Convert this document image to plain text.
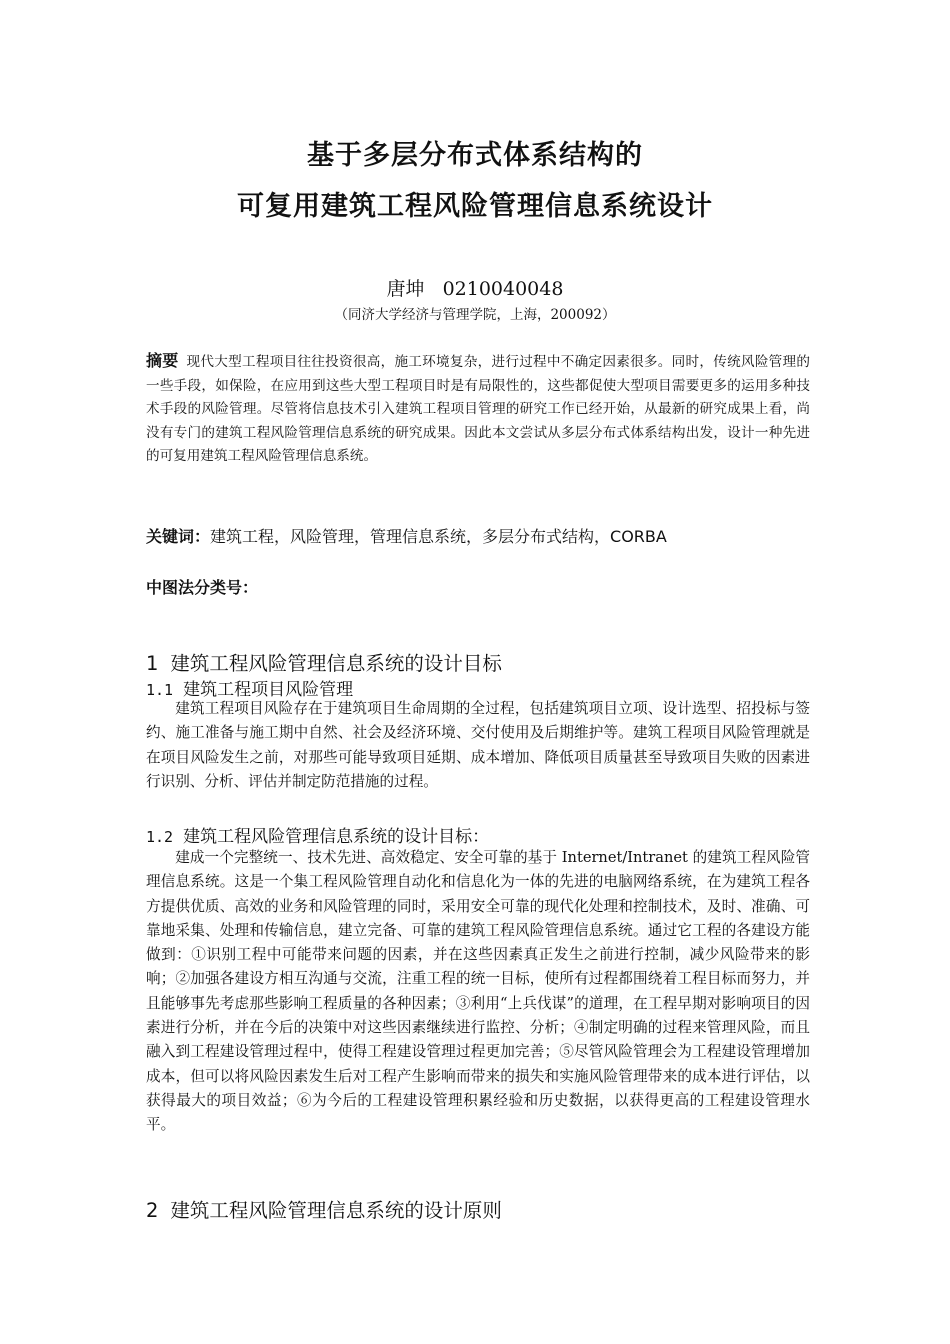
基于多层分布式体系结构的
可复用建筑工程风险管理信息系统设计
唐坤 0210040048
（同济大学经济与管理学院，上海，200092）
摘要 现代大型工程项目往往投资很高，施工环境复杂，进行过程中不确定因素很多。同时，传统风险管理的一些手段，如保险，在应用到这些大型工程项目时是有局限性的，这些都促使大型项目需要更多的运用多种技术手段的风险管理。尽管将信息技术引入建筑工程项目管理的研究工作已经开始，从最新的研究成果上看，尚没有专门的建筑工程风险管理信息系统的研究成果。因此本文尝试从多层分布式体系结构出发，设计一种先进的可复用建筑工程风险管理信息系统。
关键词：建筑工程，风险管理，管理信息系统，多层分布式结构，CORBA
中图法分类号：
1 建筑工程风险管理信息系统的设计目标
1.1 建筑工程项目风险管理
建筑工程项目风险存在于建筑项目生命周期的全过程，包括建筑项目立项、设计选型、招投标与签约、施工准备与施工期中自然、社会及经济环境、交付使用及后期维护等。建筑工程项目风险管理就是在项目风险发生之前，对那些可能导致项目延期、成本增加、降低项目质量甚至导致项目失败的因素进行识别、分析、评估并制定防范措施的过程。
1.2 建筑工程风险管理信息系统的设计目标：
建成一个完整统一、技术先进、高效稳定、安全可靠的基于 Internet/Intranet 的建筑工程风险管理信息系统。这是一个集工程风险管理自动化和信息化为一体的先进的电脑网络系统，在为建筑工程各方提供优质、高效的业务和风险管理的同时，采用安全可靠的现代化处理和控制技术，及时、准确、可靠地采集、处理和传输信息，建立完备、可靠的建筑工程风险管理信息系统。通过它工程的各建设方能做到：①识别工程中可能带来问题的因素，并在这些因素真正发生之前进行控制，减少风险带来的影响；②加强各建设方相互沟通与交流，注重工程的统一目标，使所有过程都围绕着工程目标而努力，并且能够事先考虑那些影响工程质量的各种因素；③利用“上兵伐谋”的道理，在工程早期对影响项目的因素进行分析，并在今后的决策中对这些因素继续进行监控、分析；④制定明确的过程来管理风险，而且融入到工程建设管理过程中，使得工程建设管理过程更加完善；⑤尽管风险管理会为工程建设管理增加成本，但可以将风险因素发生后对工程产生影响而带来的损失和实施风险管理带来的成本进行评估，以获得最大的项目效益；⑥为今后的工程建设管理积累经验和历史数据，以获得更高的工程建设管理水平。
2 建筑工程风险管理信息系统的设计原则
